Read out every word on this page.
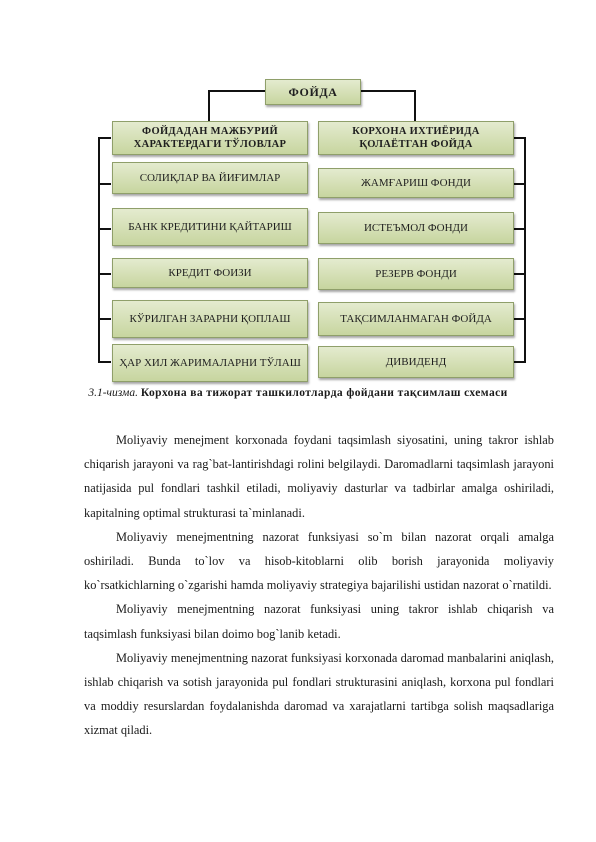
ФОЙДА
ФОЙДАДАН МАЖБУРИЙ ХАРАКТЕРДАГИ ТЎЛОВЛАР
КОРХОНА ИХТИЁРИДА ҚОЛАЁТГАН ФОЙДА
СОЛИҚЛАР ВА ЙИҒИМЛАР
БАНК КРЕДИТИНИ ҚАЙТАРИШ
КРЕДИТ ФОИЗИ
КЎРИЛГАН ЗАРАРНИ ҚОПЛАШ
ҲАР ХИЛ ЖАРИМАЛАРНИ ТЎЛАШ
ЖАМҒАРИШ ФОНДИ
ИСТЕЪМОЛ ФОНДИ
РЕЗЕРВ ФОНДИ
ТАҚСИМЛАНМАГАН ФОЙДА
ДИВИДЕНД
3.1-чизма. Корхона ва тижорат ташкилотларда фойдани тақсимлаш схемаси

Moliyaviy menejment korxonada foydani taqsimlash siyosatini, uning takror ishlab chiqarish jarayoni va rag`bat-lantirishdagi rolini belgilaydi. Daromadlarni taqsimlash jarayoni natijasida pul fondlari tashkil etiladi, moliyaviy dasturlar va tadbirlar amalga oshiriladi, kapitalning optimal strukturasi ta`minlanadi.

Moliyaviy menejmentning nazorat funksiyasi so`m bilan nazorat orqali amalga oshiriladi. Bunda to`lov va hisob-kitoblarni olib borish jarayonida moliyaviy ko`rsatkichlarning o`zgarishi hamda moliyaviy strategiya bajarilishi ustidan nazorat o`rnatildi.

Moliyaviy menejmentning nazorat funksiyasi uning takror ishlab chiqarish va taqsimlash funksiyasi bilan doimo bog`lanib ketadi.

Moliyaviy menejmentning nazorat funksiyasi korxonada daromad manbalarini aniqlash, ishlab chiqarish va sotish jarayonida pul fondlari strukturasini aniqlash, korxona pul fondlari va moddiy resurslardan foydalanishda daromad va xarajatlarni tartibga solish maqsadlariga xizmat qiladi.
